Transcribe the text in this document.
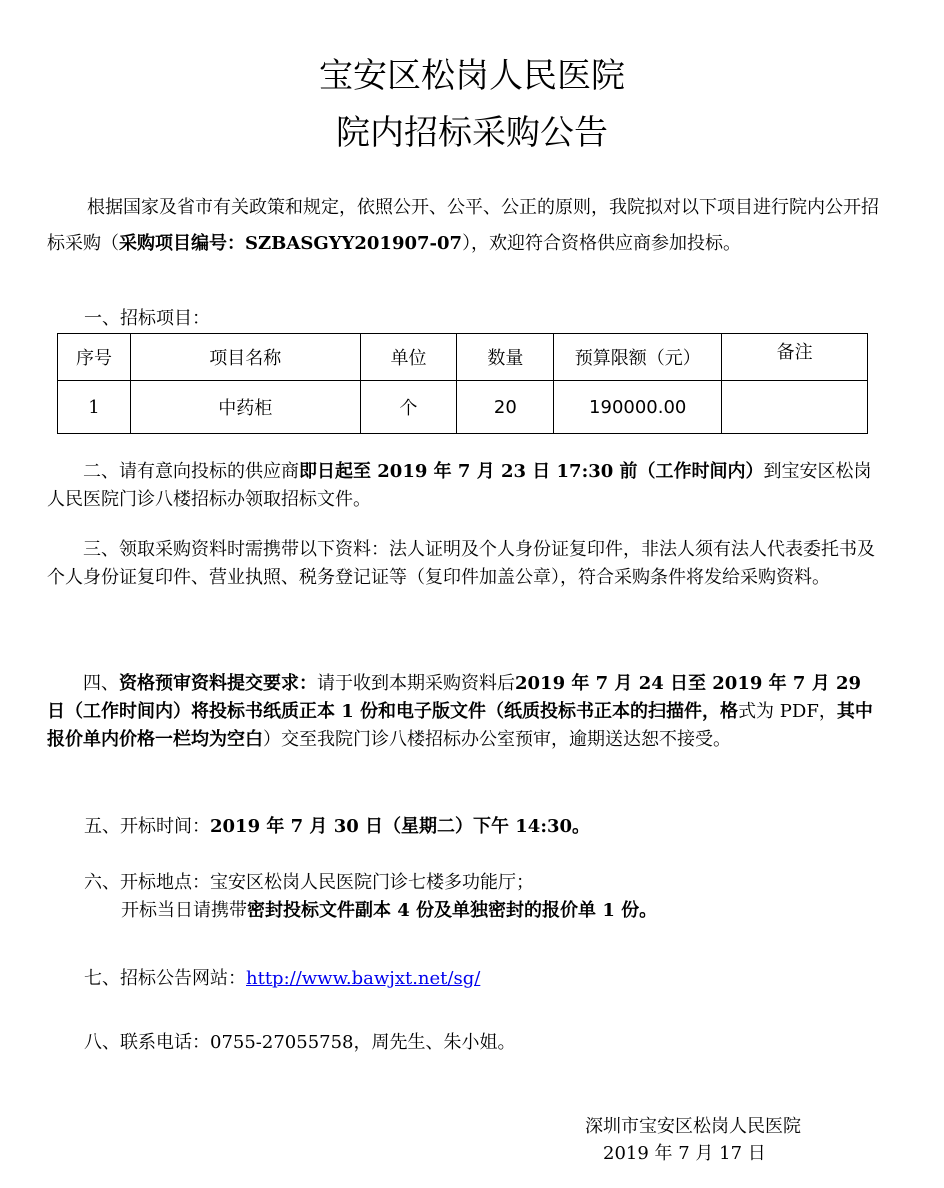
宝安区松岗人民医院
院内招标采购公告
根据国家及省市有关政策和规定，依照公开、公平、公正的原则，我院拟对以下项目进行院内公开招标采购（采购项目编号：SZBASGYY201907-07），欢迎符合资格供应商参加投标。
一、招标项目：
序号	项目名称	单位	数量	预算限额（元）	备注
1	中药柜	个	20	190000.00	
二、请有意向投标的供应商即日起至 2019 年 7 月 23 日 17:30 前（工作时间内）到宝安区松岗人民医院门诊八楼招标办领取招标文件。
三、领取采购资料时需携带以下资料：法人证明及个人身份证复印件，非法人须有法人代表委托书及个人身份证复印件、营业执照、税务登记证等（复印件加盖公章），符合采购条件将发给采购资料。
四、资格预审资料提交要求：请于收到本期采购资料后2019 年 7 月 24 日至 2019 年 7 月 29 日（工作时间内）将投标书纸质正本 1 份和电子版文件（纸质投标书正本的扫描件，格式为 PDF，其中报价单内价格一栏均为空白）交至我院门诊八楼招标办公室预审，逾期送达恕不接受。
五、开标时间：2019 年 7 月 30 日（星期二）下午 14:30。
六、开标地点：宝安区松岗人民医院门诊七楼多功能厅；
开标当日请携带密封投标文件副本 4 份及单独密封的报价单 1 份。
七、招标公告网站：http://www.bawjxt.net/sg/
八、联系电话：0755-27055758，周先生、朱小姐。
深圳市宝安区松岗人民医院
2019 年 7 月 17 日
